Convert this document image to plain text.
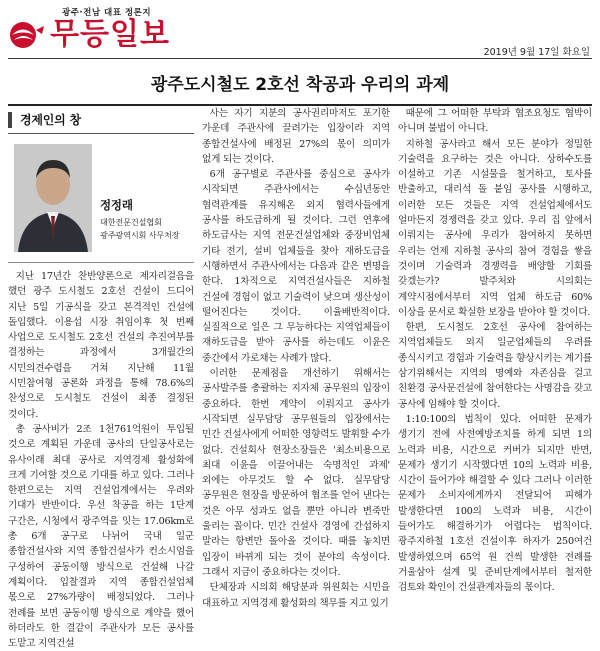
광주·전남 대표 정론지
무등일보
2019년 9월 17일 화요일
광주도시철도 2호선 착공과 우리의 과제
경제인의 창
정정래
대한전문건설협회
광주광역시회 사무처장

지난 17년간 찬반양론으로 제자리걸음을 했던 광주 도시철도 2호선 건설이 드디어 지난 5일 기공식을 갖고 본격적인 건설에 돌입했다. 이용섭 시장 취임이후 첫 번째 사업으로 도시철도 2호선 건설의 추진여부를 결정하는 과정에서 3개월간의 시민의견수렴을 거쳐 지난해 11월 시민참여형 공론화 과정을 통해 78.6%의 찬성으로 도시철도 건설이 최종 결정된 것이다.

총 공사비가 2조 1천761억원이 투입될 것으로 계획된 가운데 공사의 단일공사로는 유사이래 최대 공사로 지역경제 활성화에 크게 기여할 것으로 기대를 하고 있다. 그러나 한편으로는 지역 건설업계에서는 우려와 기대가 반반이다. 우선 착공을 하는 1단계 구간은, 시청에서 광주역을 잇는 17.06km로 총 6개 공구로 나뉘어 국내 일군 종합건설사와 지역 종합건설사가 컨소시엄을 구성하여 공동이행 방식으로 건설해 나갈 계획이다. 입찰결과 지역 종합건설업체 몫으로 27%가량이 배정되었다. 그러나 전례를 보면 공동이행 방식으로 계약을 했어 하더라도 한 결같이 주관사가 모든 공사를 도맡고 지역건설

사는 자기 지분의 공사권리마저도 포기한 가운데 주관사에 끌려가는 입장이라 지역 종합건설사에 배정된 27%의 몫이 의미가 없게 되는 것이다.

6개 공구별로 주관사를 중심으로 공사가 시작되면 주관사에서는 수십년동안 협력관계를 유지해온 외지 협력사들에게 공사를 하도급하게 될 것이다. 그런 연후에 하도급사는 지역 전문건설업체와 중장비업체 기타 전기, 설비 업체들을 찾아 재하도급을 시행하면서 주관사에서는 다음과 같은 변명을 한다. 1차적으로 지역건설사들은 지하철 건설에 경험이 없고 기술력이 낮으며 생산성이 떨어진다는 것이다. 이율배반적이다. 실질적으로 일은 그 무능하다는 지역업체들이 재하도급을 받아 공사를 하는데도 이윤은 중간에서 가로채는 사례가 많다.

이러한 문제점을 개선하기 위해서는 공사발주를 총괄하는 지자체 공무원의 입장이 중요하다. 한번 계약이 이뤄지고 공사가 시작되면 실무담당 공무원들의 입장에서는 민간 건설사에게 어떠한 영향력도 발휘할 수가 없다. 건설회사 현장소장들은 '최소비용으로 최대 이윤을 이끌어내는 숙명적인 과제' 외에는 아무것도 할 수 없다. 실무담당 공무원은 현장을 방문하여 협조를 얻어 낸다는 것은 아무 성과도 없을 뿐만 아니라 변죽만 울리는 꼴이다. 민간 건설사 경영에 간섭하지 말라는 항변만 돌아올 것이다. 때를 놓치면 입장이 바뀌게 되는 것이 분야의 속성이다. 그래서 지금이 중요하다는 것이다.

단체장과 시의회 해당분과 위원회는 시민을 대표하고 지역경제 활성화의 책무를 지고 있기

때문에 그 어떠한 부탁과 협조요청도 협박이 아니며 불법이 아니다.

지하철 공사라고 해서 모든 분야가 정밀한 기술력을 요구하는 것은 아니다. 상하수도를 이설하고 기존 시설물을 철거하고, 토사를 반출하고, 대리석 돌 붙임 공사를 시행하고, 이러한 모든 것들은 지역 건설업체에서도 얼마든지 경쟁력을 갖고 있다. 우리 집 앞에서 이뤄지는 공사에 우리가 참여하지 못하면 우리는 언제 지하철 공사의 참여 경험을 쌓을 것이며 기술력과 경쟁력을 배양할 기회를 갖겠는가? 발주처와 시의회는 계약시점에서부터 지역 업체 하도급 60%이상을 문서로 확실한 보장을 받아야 할 것이다.

한편, 도시철도 2호선 공사에 참여하는 지역업체들도 외지 일군업체들의 우려를 종식시키고 경험과 기술력을 향상시키는 계기를 삼기위해서는 지역의 명예와 자존심을 걸고 친환경 공사문건설에 참여한다는 사명감을 갖고 공사에 임해야 할 것이다.

1:10:100의 법칙이 있다. 어떠한 문제가 생기기 전에 사전예방조치를 하게 되면 1의 노력과 비용, 시간으로 커버가 되지만 반면, 문제가 생기기 시작했다면 10의 노력과 비용, 시간이 들어가야 해결할 수 있다 그러나 이러한 문제가 소비자에게까지 전달되어 피해가 발생한다면 100의 노력과 비용, 시간이 들어가도 해결하기가 어렵다는 법칙이다. 광주지하철 1호선 건설이후 하자가 250여건 발생하였으며 65억 원 건씩 발생한 전례를 거울삼아 설계 및 준비단계에서부터 철저한 검토와 확인이 건설관계자들의 몫이다.
